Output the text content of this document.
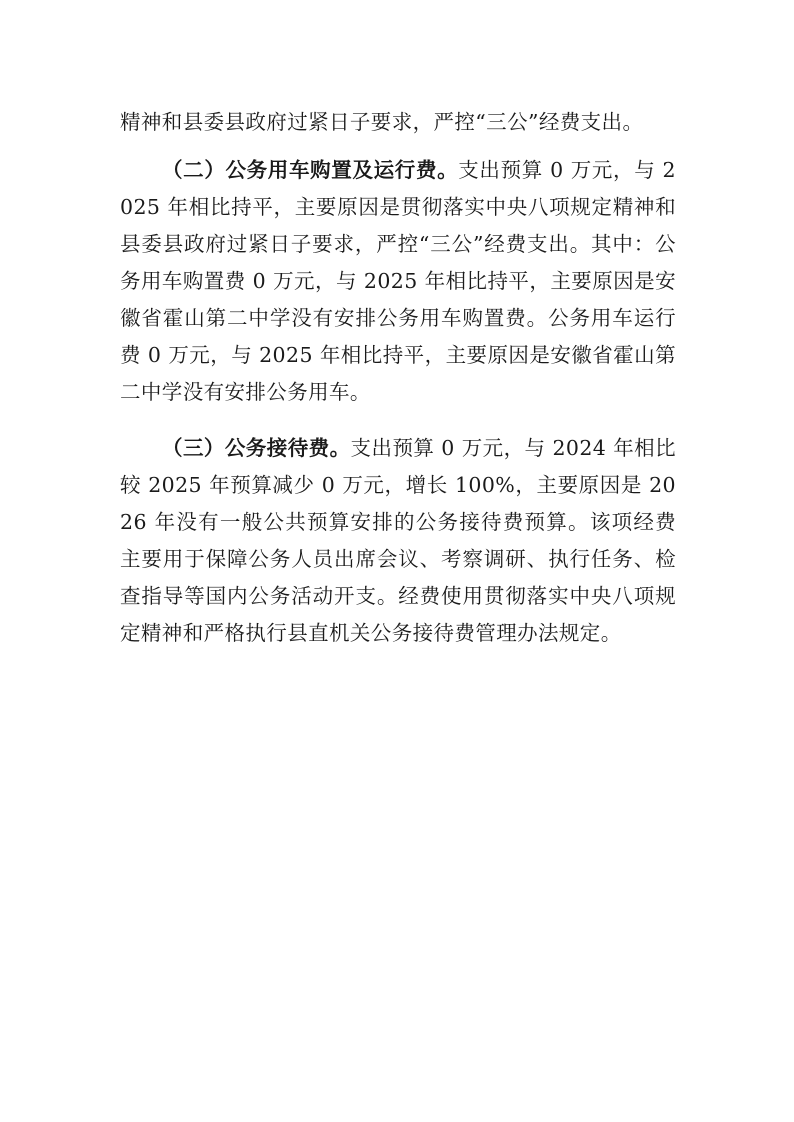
精神和县委县政府过紧日子要求，严控“三公”经费支出。

（二）公务用车购置及运行费。支出预算 0 万元，与 2025 年相比持平，主要原因是贯彻落实中央八项规定精神和县委县政府过紧日子要求，严控“三公”经费支出。其中：公务用车购置费 0 万元，与 2025 年相比持平，主要原因是安徽省霍山第二中学没有安排公务用车购置费。公务用车运行费 0 万元，与 2025 年相比持平，主要原因是安徽省霍山第二中学没有安排公务用车。

（三）公务接待费。支出预算 0 万元，与 2024 年相比较 2025 年预算减少 0 万元，增长 100%，主要原因是 2026 年没有一般公共预算安排的公务接待费预算。该项经费主要用于保障公务人员出席会议、考察调研、执行任务、检查指导等国内公务活动开支。经费使用贯彻落实中央八项规定精神和严格执行县直机关公务接待费管理办法规定。
